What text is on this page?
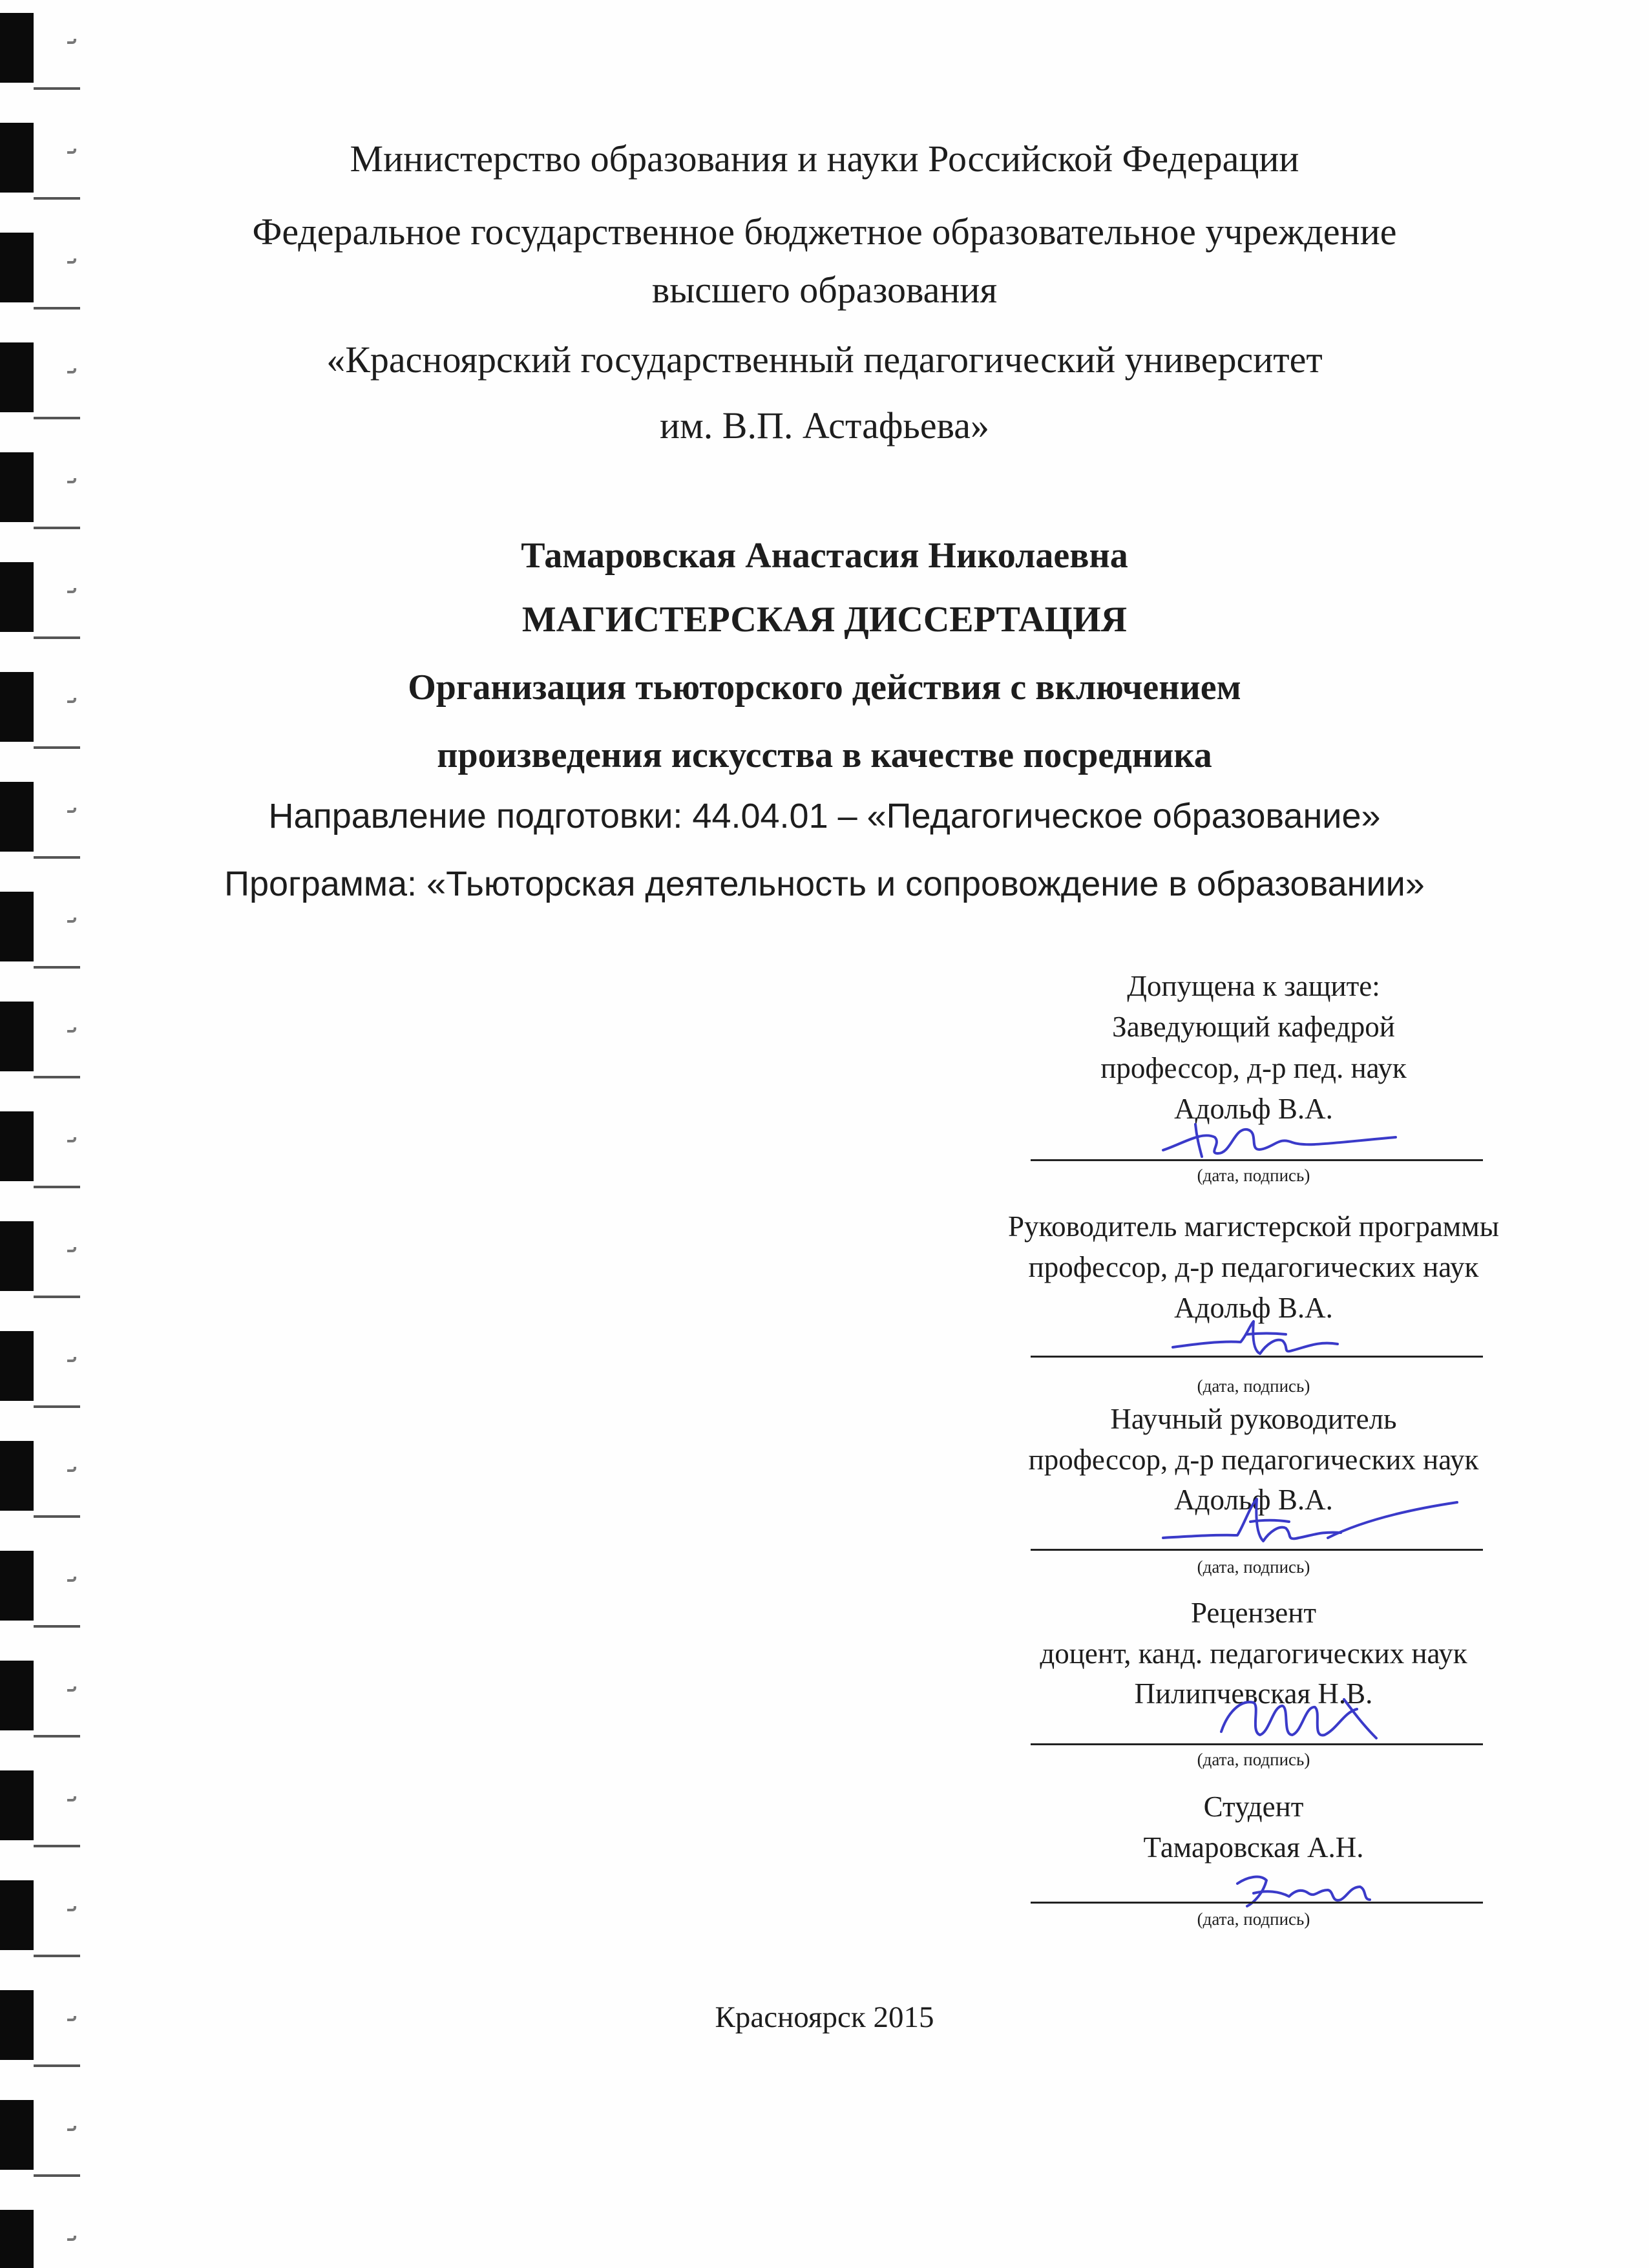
Министерство образования и науки Российской Федерации
Федеральное государственное бюджетное образовательное учреждение
высшего образования
«Красноярский государственный педагогический университет
им. В.П. Астафьева»
Тамаровская Анастасия Николаевна
МАГИСТЕРСКАЯ ДИССЕРТАЦИЯ
Организация тьюторского действия с включением
произведения искусства в качестве посредника
Направление подготовки: 44.04.01 – «Педагогическое образование»
Программа: «Тьюторская деятельность и сопровождение в образовании»
Допущена к защите:
Заведующий кафедрой
профессор, д-р пед. наук
Адольф В.А.
(дата, подпись)
Руководитель магистерской программы
профессор, д-р педагогических наук
Адольф В.А.
(дата, подпись)
Научный руководитель
профессор, д-р педагогических наук
Адольф В.А.
(дата, подпись)
Рецензент
доцент, канд. педагогических наук
Пилипчевская Н.В.
(дата, подпись)
Студент
Тамаровская А.Н.
(дата, подпись)
Красноярск 2015
